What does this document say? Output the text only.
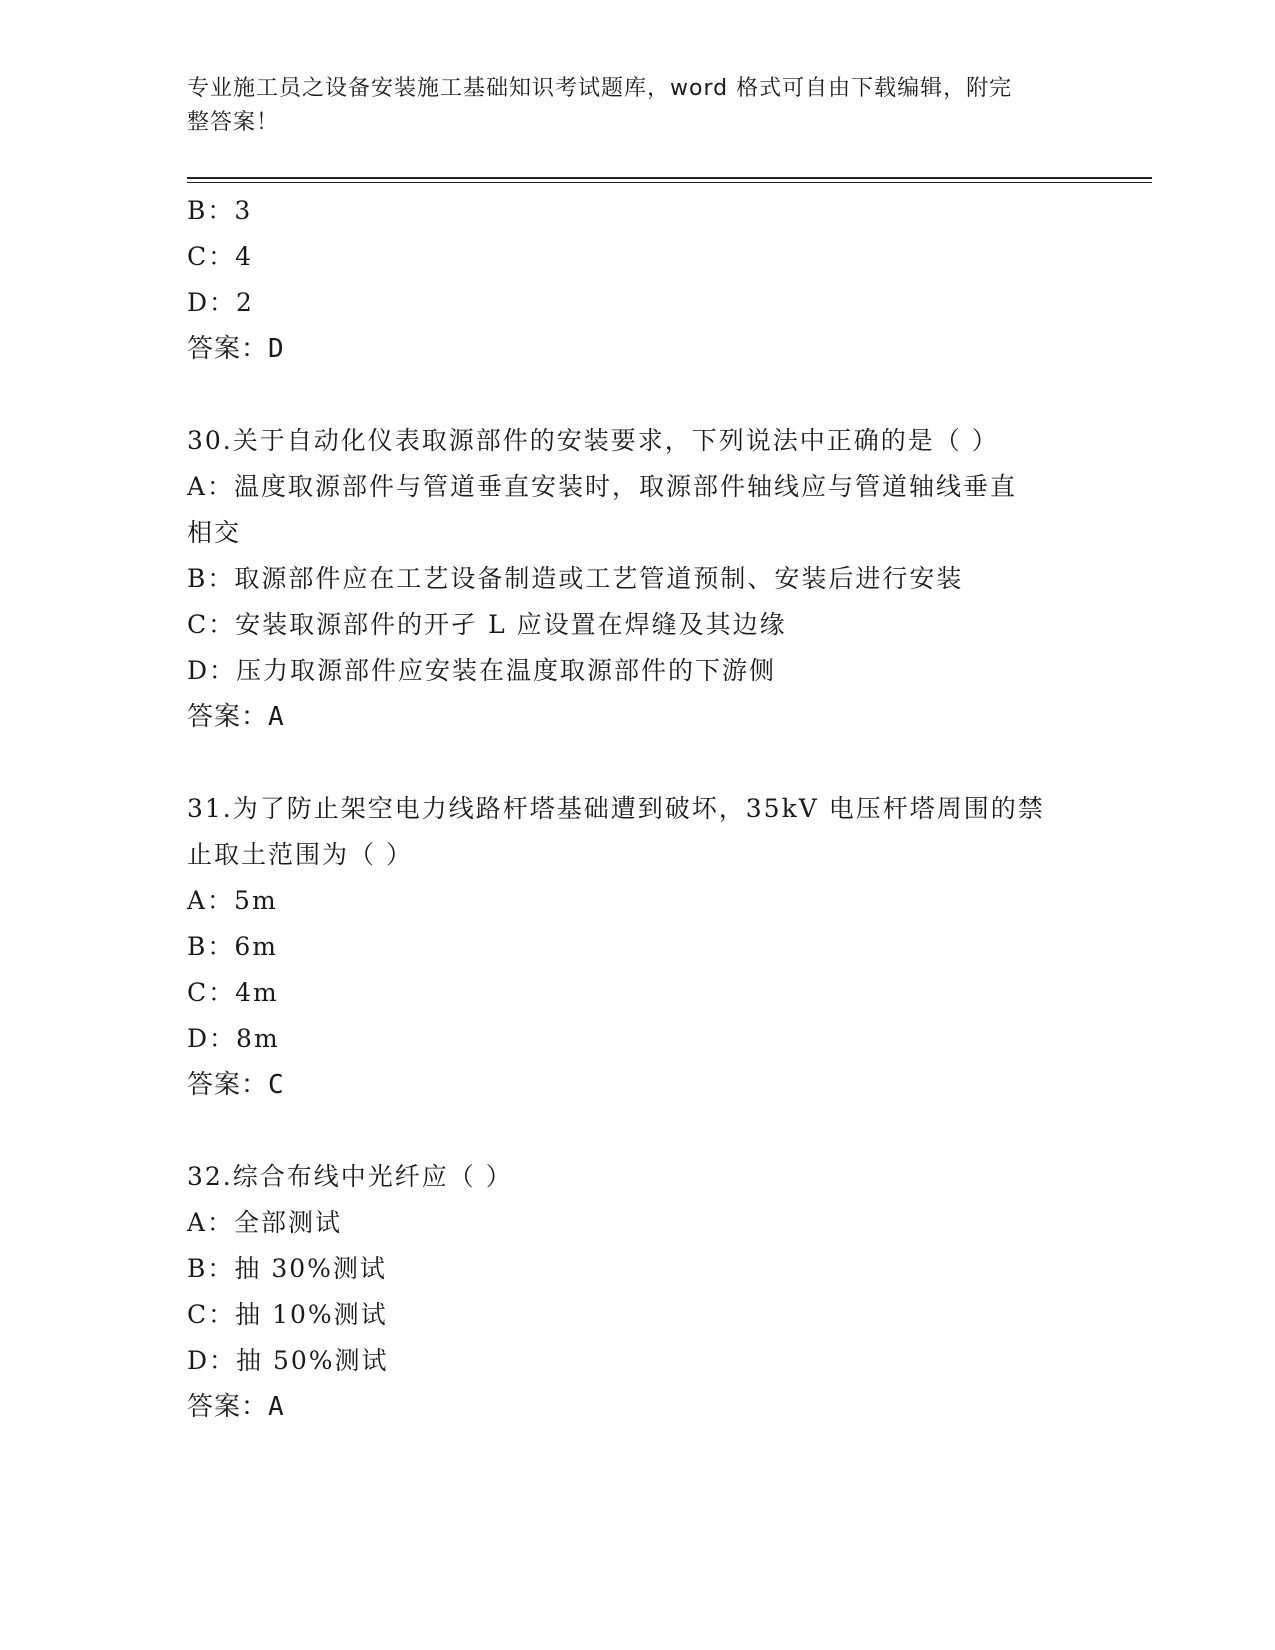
专业施工员之设备安装施工基础知识考试题库，word 格式可自由下载编辑，附完
整答案！
B：3
C：4
D：2
答案：D
30.关于自动化仪表取源部件的安装要求，下列说法中正确的是（ ）
A：温度取源部件与管道垂直安装时，取源部件轴线应与管道轴线垂直
相交
B：取源部件应在工艺设备制造或工艺管道预制、安装后进行安装
C：安装取源部件的开孑 L 应设置在焊缝及其边缘
D：压力取源部件应安装在温度取源部件的下游侧
答案：A
31.为了防止架空电力线路杆塔基础遭到破坏，35kV 电压杆塔周围的禁
止取土范围为（ ）
A：5m
B：6m
C：4m
D：8m
答案：C
32.综合布线中光纤应（ ）
A：全部测试
B：抽 30%测试
C：抽 10%测试
D：抽 50%测试
答案：A
